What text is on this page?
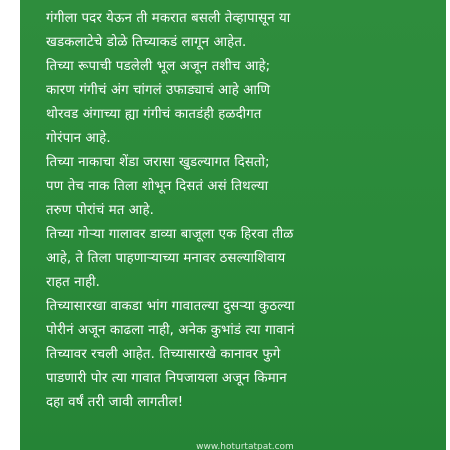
गंगीला पदर येऊन ती मकरात बसली तेव्हापासून या
खडकलाटेचे डोळे तिच्याकडं लागून आहेत.
तिच्या रूपाची पडलेली भूल अजून तशीच आहे;
कारण गंगीचं अंग चांगलं उफाड्याचं आहे आणि
थोरवड अंगाच्या ह्या गंगीचं कातडंही हळदीगत
गोरंपान आहे.
तिच्या नाकाचा शेंडा जरासा खुडल्यागत दिसतो;
पण तेच नाक तिला शोभून दिसतं असं तिथल्या
तरुण पोरांचं मत आहे.
तिच्या गोऱ्या गालावर डाव्या बाजूला एक हिरवा तीळ
आहे, ते तिला पाहणाऱ्याच्या मनावर ठसल्याशिवाय
राहत नाही.
तिच्यासारखा वाकडा भांग गावातल्या दुसऱ्या कुठल्या
पोरीनं अजून काढला नाही, अनेक कुभांडं त्या गावानं
तिच्यावर रचली आहेत. तिच्यासारखे कानावर फुगे
पाडणारी पोर त्या गावात निपजायला अजून किमान
दहा वर्षं तरी जावी लागतील!
www.hoturtatpat.com
